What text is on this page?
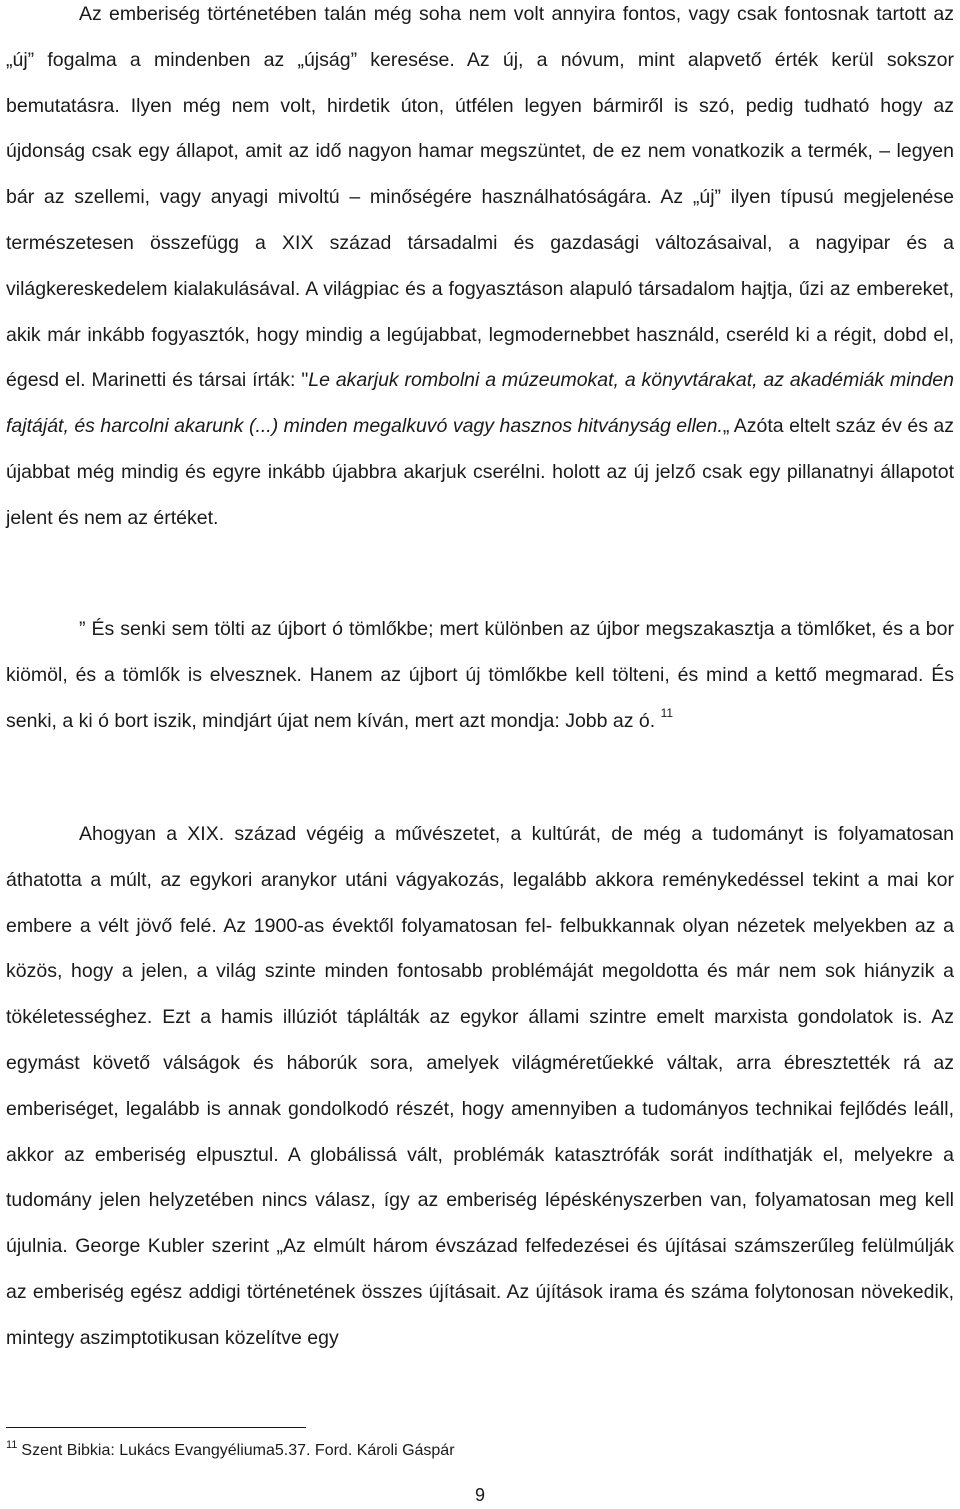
Az emberiség történetében talán még soha nem volt annyira fontos, vagy csak fontosnak tartott az „új” fogalma a mindenben az „újság” keresése. Az új, a nóvum, mint alapvető érték kerül sokszor bemutatásra. Ilyen még nem volt, hirdetik úton, útfélen legyen bármiről is szó, pedig tudható hogy az újdonság csak egy állapot, amit az idő nagyon hamar megszüntet, de ez nem vonatkozik a termék, – legyen bár az szellemi, vagy anyagi mivoltú – minőségére használhatóságára. Az „új” ilyen típusú megjelenése természetesen összefügg a XIX század társadalmi és gazdasági változásaival, a nagyipar és a világkereskedelem kialakulásával. A világpiac és a fogyasztáson alapuló társadalom hajtja, űzi az embereket, akik már inkább fogyasztók, hogy mindig a legújabbat, legmodernebbet használd, cseréld ki a régit, dobd el, égesd el. Marinetti és társai írták: "Le akarjuk rombolni a múzeumokat, a könyvtárakat, az akadémiák minden fajtáját, és harcolni akarunk (...) minden megalkuvó vagy hasznos hitványság ellen.„ Azóta eltelt száz év és az újabbat még mindig és egyre inkább újabbra akarjuk cserélni. holott az új jelző csak egy pillanatnyi állapotot jelent és nem az értéket.

” És senki sem tölti az újbort ó tömlőkbe; mert különben az újbor megszakasztja a tömlőket, és a bor kiömöl, és a tömlők is elvesznek. Hanem az újbort új tömlőkbe kell tölteni, és mind a kettő megmarad. És senki, a ki ó bort iszik, mindjárt újat nem kíván, mert azt mondja: Jobb az ó. $^{11}$

Ahogyan a XIX. század végéig a művészetet, a kultúrát, de még a tudományt is folyamatosan áthatotta a múlt, az egykori aranykor utáni vágyakozás, legalább akkora reménykedéssel tekint a mai kor embere a vélt jövő felé. Az 1900-as évektől folyamatosan fel- felbukkannak olyan nézetek melyekben az a közös, hogy a jelen, a világ szinte minden fontosabb problémáját megoldotta és már nem sok hiányzik a tökéletességhez. Ezt a hamis illúziót táplálták az egykor állami szintre emelt marxista gondolatok is. Az egymást követő válságok és háborúk sora, amelyek világméretűekké váltak, arra ébresztették rá az emberiséget, legalább is annak gondolkodó részét, hogy amennyiben a tudományos technikai fejlődés leáll, akkor az emberiség elpusztul. A globálissá vált, problémák katasztrófák sorát indíthatják el, melyekre a tudomány jelen helyzetében nincs válasz, így az emberiség lépéskényszerben van, folyamatosan meg kell újulnia. George Kubler szerint „Az elmúlt három évszázad felfedezései és újításai számszerűleg felülmúlják az emberiség egész addigi történetének összes újításait. Az újítások irama és száma folytonosan növekedik, mintegy aszimptotikusan közelítve egy

$^{11}$ Szent Bibkia: Lukács Evangyéliuma5.37. Ford. Károli Gáspár

9
